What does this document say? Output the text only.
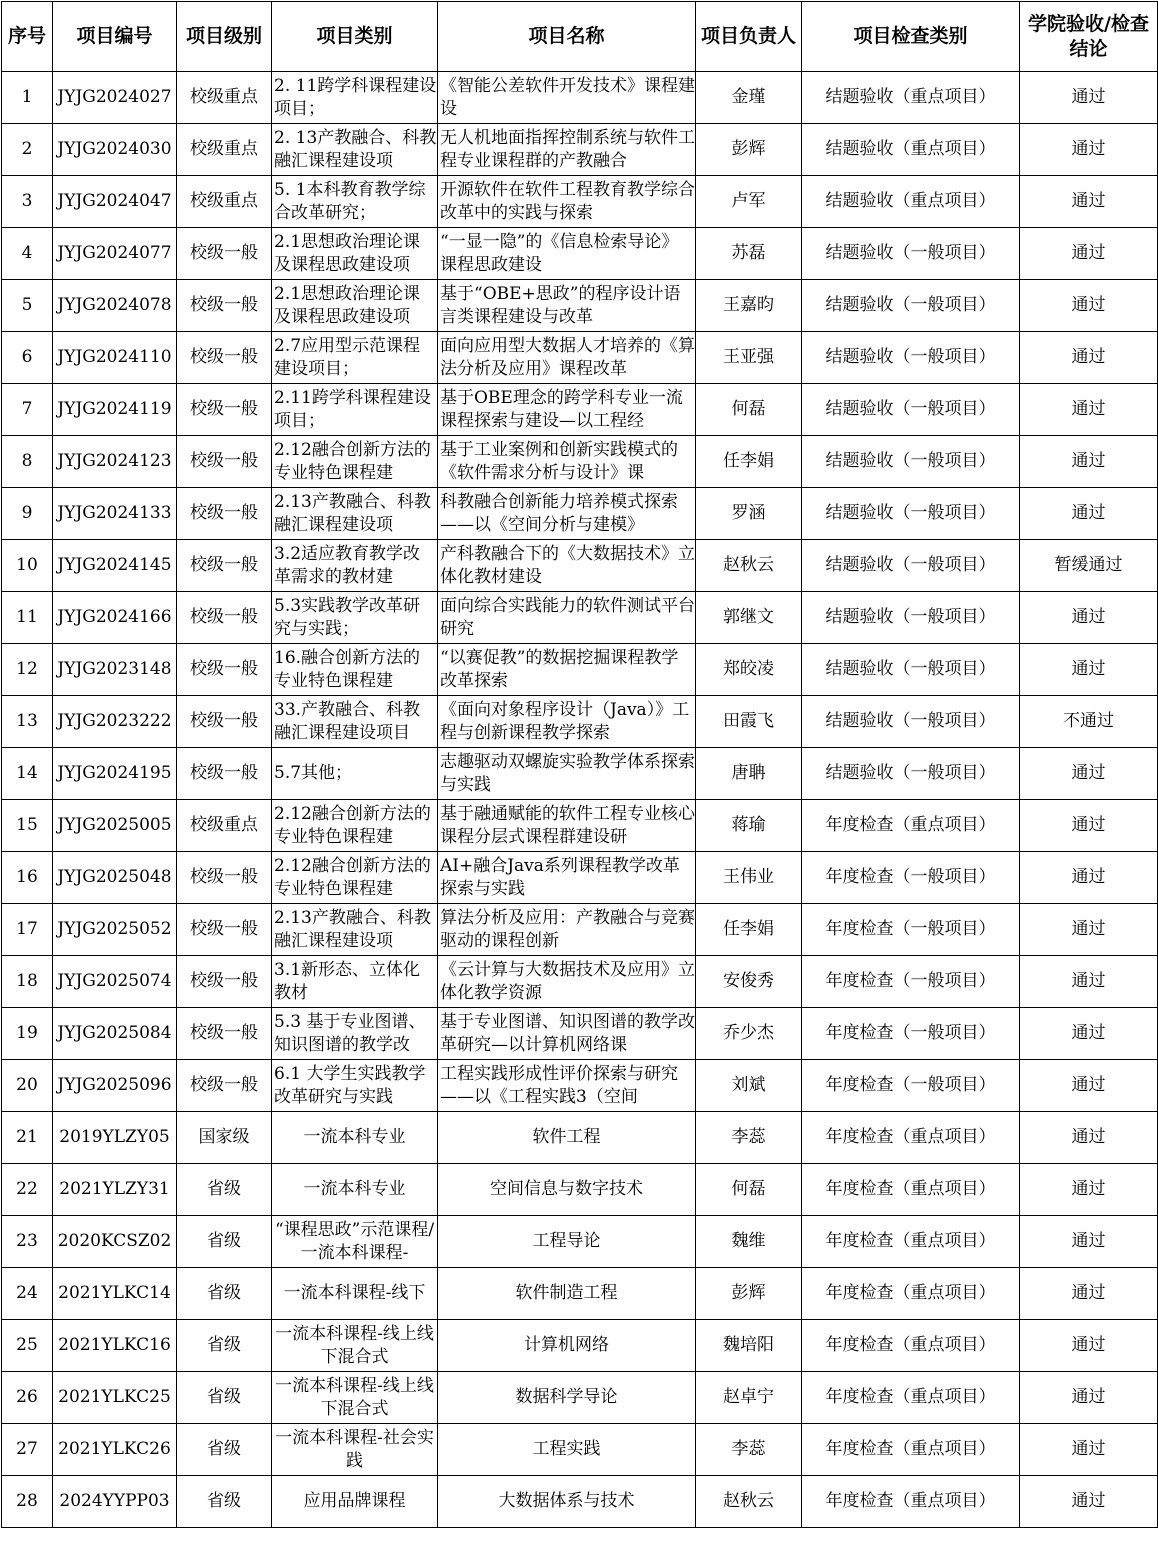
序号	项目编号	项目级别	项目类别	项目名称	项目负责人	项目检查类别	学院验收/检查结论

1	JYJG2024027	校级重点	2. 11跨学科课程建设项目；	《智能公差软件开发技术》课程建设	金瑾	结题验收（重点项目）	通过

2	JYJG2024030	校级重点	2. 13产教融合、科教融汇课程建设项	无人机地面指挥控制系统与软件工程专业课程群的产教融合	彭辉	结题验收（重点项目）	通过

3	JYJG2024047	校级重点	5. 1本科教育教学综合改革研究；	开源软件在软件工程教育教学综合改革中的实践与探索	卢军	结题验收（重点项目）	通过

4	JYJG2024077	校级一般	2.1思想政治理论课及课程思政建设项	“一显一隐”的《信息检索导论》课程思政建设	苏磊	结题验收（一般项目）	通过

5	JYJG2024078	校级一般	2.1思想政治理论课及课程思政建设项	基于“OBE+思政”的程序设计语言类课程建设与改革	王嘉昀	结题验收（一般项目）	通过

6	JYJG2024110	校级一般	2.7应用型示范课程建设项目；	面向应用型大数据人才培养的《算法分析及应用》课程改革	王亚强	结题验收（一般项目）	通过

7	JYJG2024119	校级一般	2.11跨学科课程建设项目；	基于OBE理念的跨学科专业一流课程探索与建设—以工程经	何磊	结题验收（一般项目）	通过

8	JYJG2024123	校级一般	2.12融合创新方法的专业特色课程建	基于工业案例和创新实践模式的《软件需求分析与设计》课	任李娟	结题验收（一般项目）	通过

9	JYJG2024133	校级一般	2.13产教融合、科教融汇课程建设项	科教融合创新能力培养模式探索——以《空间分析与建模》	罗涵	结题验收（一般项目）	通过

10	JYJG2024145	校级一般	3.2适应教育教学改革需求的教材建	产科教融合下的《大数据技术》立体化教材建设	赵秋云	结题验收（一般项目）	暂缓通过

11	JYJG2024166	校级一般	5.3实践教学改革研究与实践；	面向综合实践能力的软件测试平台研究	郭继文	结题验收（一般项目）	通过

12	JYJG2023148	校级一般	16.融合创新方法的专业特色课程建	“以赛促教”的数据挖掘课程教学改革探索	郑皎凌	结题验收（一般项目）	通过

13	JYJG2023222	校级一般	33.产教融合、科教融汇课程建设项目	《面向对象程序设计（Java）》工程与创新课程教学探索	田霞飞	结题验收（一般项目）	不通过

14	JYJG2024195	校级一般	5.7其他；	志趣驱动双螺旋实验教学体系探索与实践	唐聃	结题验收（一般项目）	通过

15	JYJG2025005	校级重点	2.12融合创新方法的专业特色课程建	基于融通赋能的软件工程专业核心课程分层式课程群建设研	蒋瑜	年度检查（重点项目）	通过

16	JYJG2025048	校级一般	2.12融合创新方法的专业特色课程建	AI+融合Java系列课程教学改革探索与实践	王伟业	年度检查（一般项目）	通过

17	JYJG2025052	校级一般	2.13产教融合、科教融汇课程建设项	算法分析及应用：产教融合与竞赛驱动的课程创新	任李娟	年度检查（一般项目）	通过

18	JYJG2025074	校级一般	3.1新形态、立体化教材	《云计算与大数据技术及应用》立体化教学资源	安俊秀	年度检查（一般项目）	通过

19	JYJG2025084	校级一般	5.3 基于专业图谱、知识图谱的教学改	基于专业图谱、知识图谱的教学改革研究—以计算机网络课	乔少杰	年度检查（一般项目）	通过

20	JYJG2025096	校级一般	6.1 大学生实践教学改革研究与实践	工程实践形成性评价探索与研究——以《工程实践3（空间	刘斌	年度检查（一般项目）	通过

21	2019YLZY05	国家级	一流本科专业	软件工程	李蕊	年度检查（重点项目）	通过

22	2021YLZY31	省级	一流本科专业	空间信息与数字技术	何磊	年度检查（重点项目）	通过

23	2020KCSZ02	省级	“课程思政”示范课程/一流本科课程-	工程导论	魏维	年度检查（重点项目）	通过

24	2021YLKC14	省级	一流本科课程-线下	软件制造工程	彭辉	年度检查（重点项目）	通过

25	2021YLKC16	省级	一流本科课程-线上线下混合式	计算机网络	魏培阳	年度检查（重点项目）	通过

26	2021YLKC25	省级	一流本科课程-线上线下混合式	数据科学导论	赵卓宁	年度检查（重点项目）	通过

27	2021YLKC26	省级	一流本科课程-社会实践	工程实践	李蕊	年度检查（重点项目）	通过

28	2024YYPP03	省级	应用品牌课程	大数据体系与技术	赵秋云	年度检查（重点项目）	通过
